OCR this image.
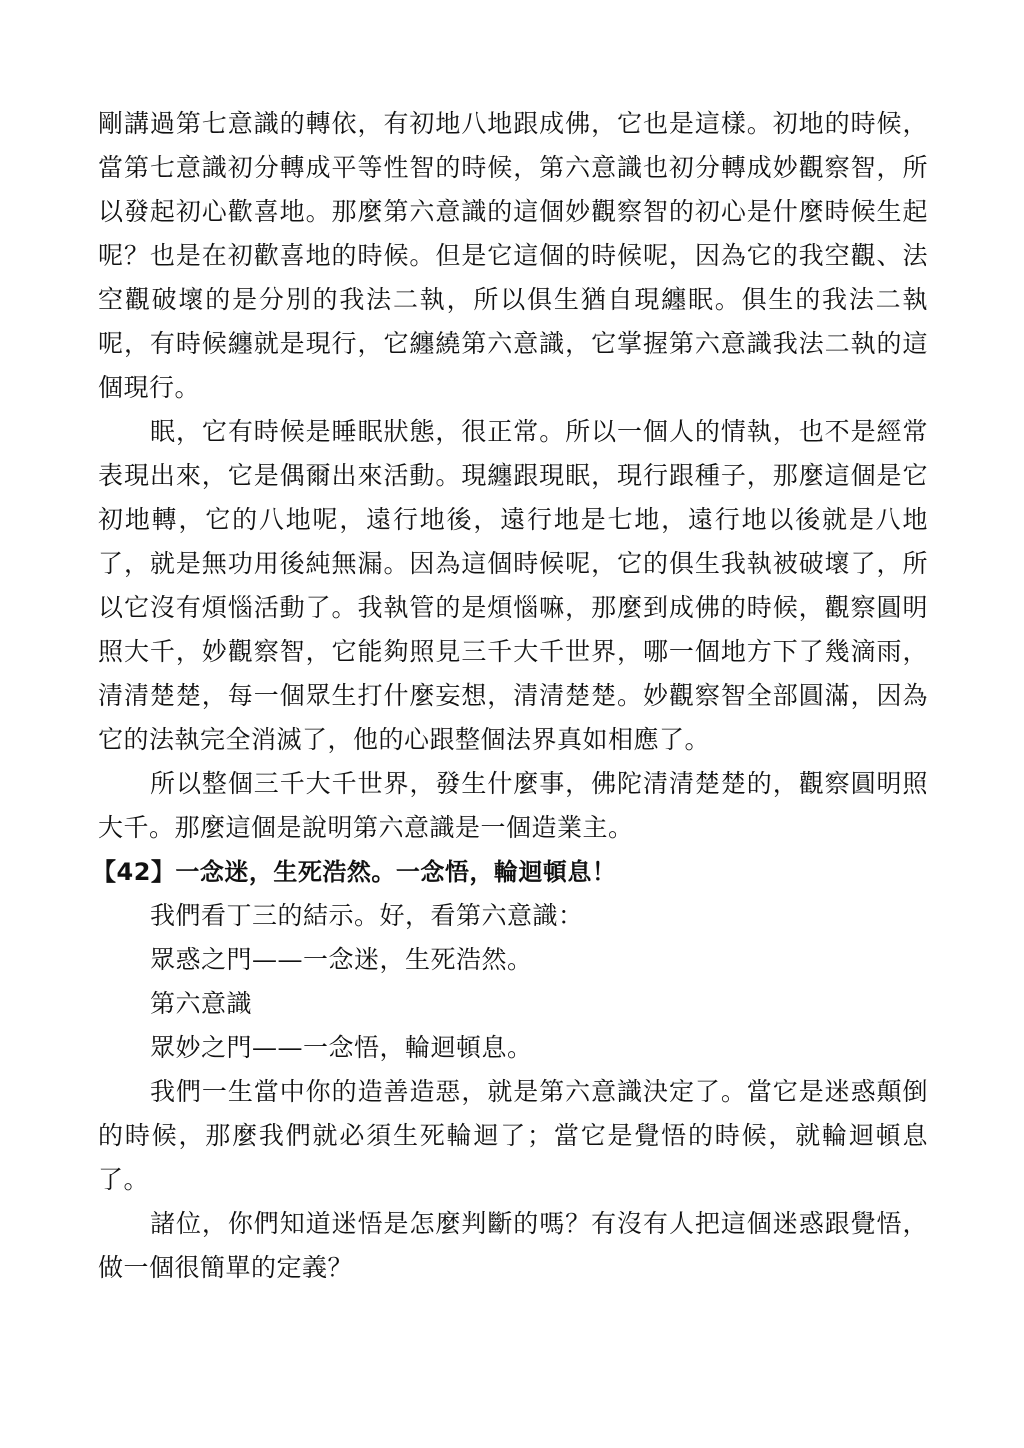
剛講過第七意識的轉依，有初地八地跟成佛，它也是這樣。初地的時候，當第七意識初分轉成平等性智的時候，第六意識也初分轉成妙觀察智，所以發起初心歡喜地。那麼第六意識的這個妙觀察智的初心是什麼時候生起呢？也是在初歡喜地的時候。但是它這個的時候呢，因為它的我空觀、法空觀破壞的是分別的我法二執，所以俱生猶自現纏眠。俱生的我法二執呢，有時候纏就是現行，它纏繞第六意識，它掌握第六意識我法二執的這個現行。

眠，它有時候是睡眠狀態，很正常。所以一個人的情執，也不是經常表現出來，它是偶爾出來活動。現纏跟現眠，現行跟種子，那麼這個是它初地轉，它的八地呢，遠行地後，遠行地是七地，遠行地以後就是八地了，就是無功用後純無漏。因為這個時候呢，它的俱生我執被破壞了，所以它沒有煩惱活動了。我執管的是煩惱嘛，那麼到成佛的時候，觀察圓明照大千，妙觀察智，它能夠照見三千大千世界，哪一個地方下了幾滴雨，清清楚楚，每一個眾生打什麼妄想，清清楚楚。妙觀察智全部圓滿，因為它的法執完全消滅了，他的心跟整個法界真如相應了。

所以整個三千大千世界，發生什麼事，佛陀清清楚楚的，觀察圓明照大千。那麼這個是說明第六意識是一個造業主。

【42】一念迷，生死浩然。一念悟，輪迴頓息！

我們看丁三的結示。好，看第六意識：

眾惑之門——一念迷，生死浩然。

第六意識

眾妙之門——一念悟，輪迴頓息。

我們一生當中你的造善造惡，就是第六意識決定了。當它是迷惑顛倒的時候，那麼我們就必須生死輪迴了；當它是覺悟的時候，就輪迴頓息了。

諸位，你們知道迷悟是怎麼判斷的嗎？有沒有人把這個迷惑跟覺悟，做一個很簡單的定義？
